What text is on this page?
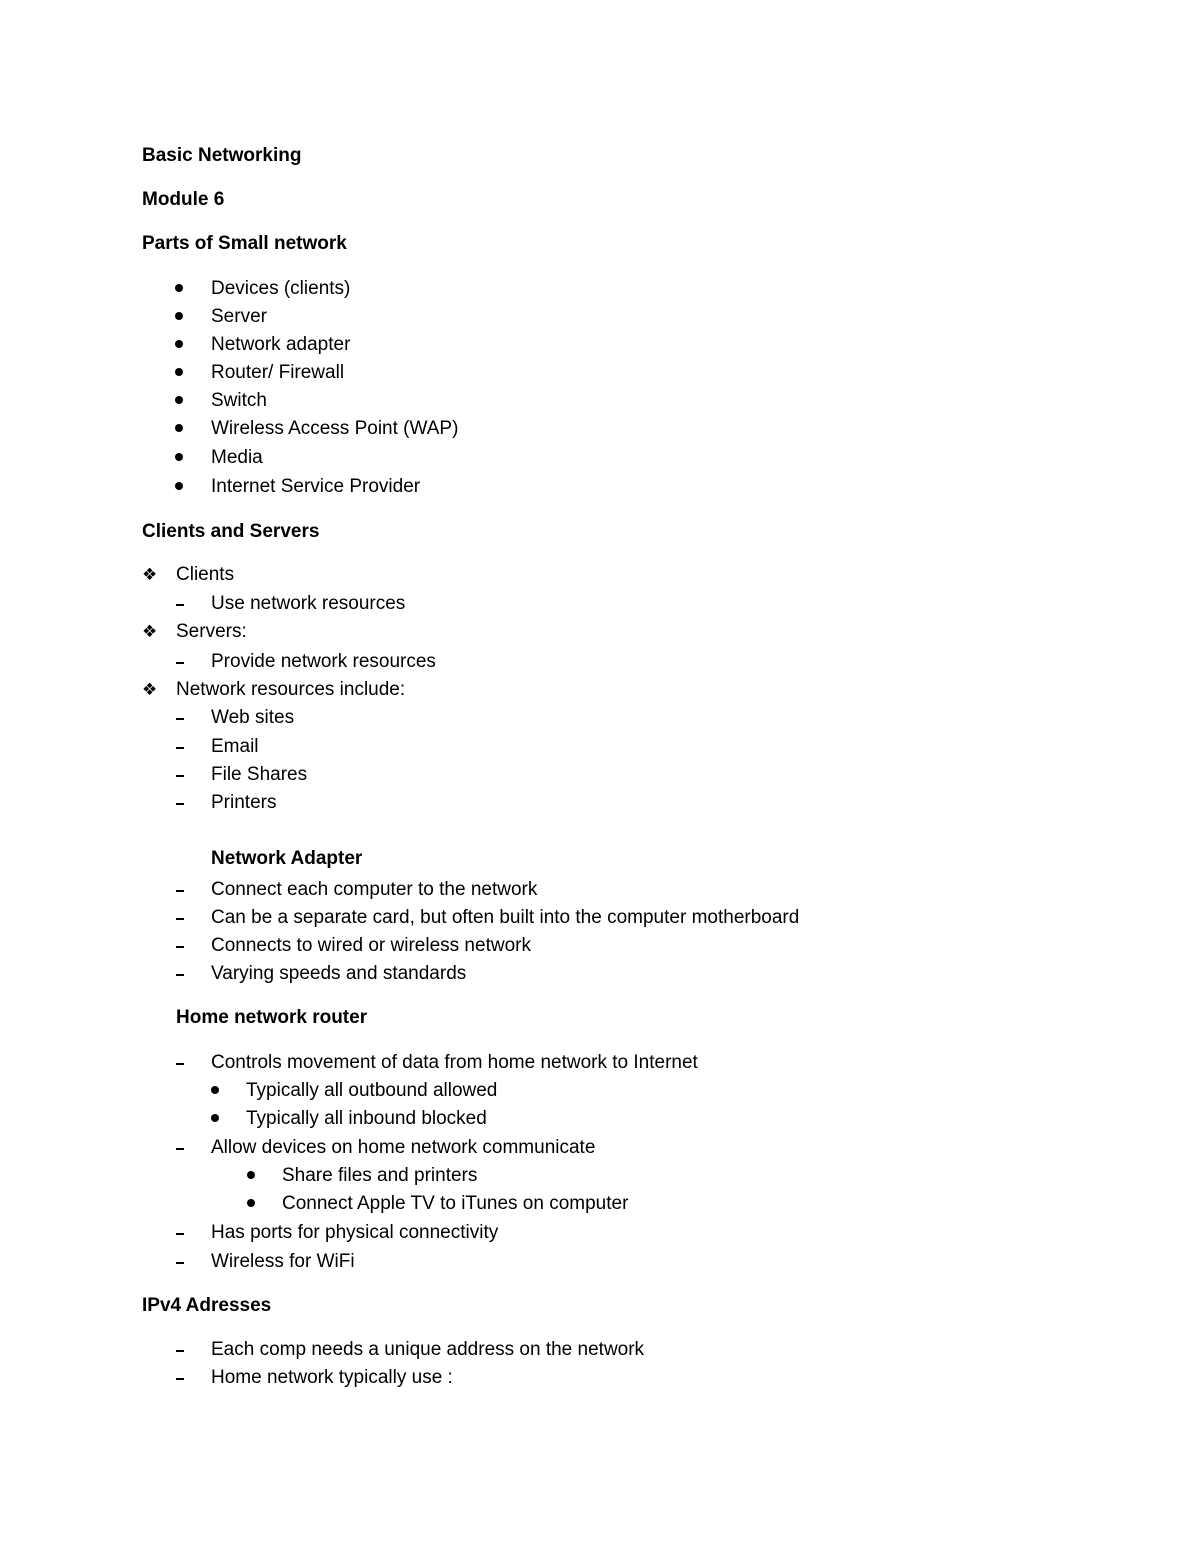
Basic Networking
Module 6
Parts of Small network
Devices (clients)
Server
Network adapter
Router/ Firewall
Switch
Wireless Access Point (WAP)
Media
Internet Service Provider
Clients and Servers
❖ Clients
Use network resources
❖ Servers:
Provide network resources
❖ Network resources include:
Web sites
Email
File Shares
Printers
Network Adapter
Connect each computer to the network
Can be a separate card, but often built into the computer motherboard
Connects to wired or wireless network
Varying speeds and standards
Home network router
Controls movement of data from home network to Internet
Typically all outbound allowed
Typically all inbound blocked
Allow devices on home network communicate
Share files and printers
Connect Apple TV to iTunes on computer
Has ports for physical connectivity
Wireless for WiFi
IPv4 Adresses
Each comp needs a unique address on the network
Home network typically use :
